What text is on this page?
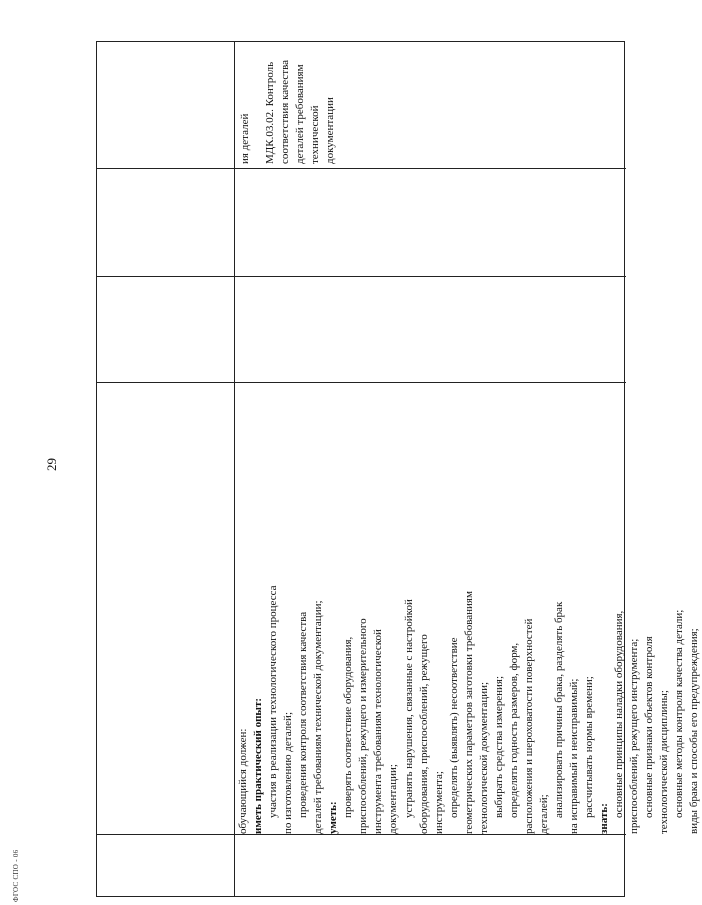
29
ФГОС СПО - 06
обучающийся должен: иметь практический опыт: участия в реализации технологического процесса по изготовлению деталей; проведения контроля соответствия качества деталей требованиям технической документации; уметь: проверять соответствие оборудования, приспособлений, режущего и измерительного инструмента требованиям технологической документации; устранять нарушения, связанные с настройкой оборудования, приспособлений, режущего инструмента; определять (выявлять) несоответствие геометрических параметров заготовки требованиям технологической документации; выбирать средства измерения; определять годность размеров, форм, расположения и шероховатости поверхностей деталей; анализировать причины брака, разделять брак на исправимый и неисправимый; рассчитывать нормы времени;
знать:
основные принципы наладки оборудования, приспособлений, режущего инструмента; основные признаки объектов контроля технологической дисциплины; основные методы контроля качества детали; виды брака и способы его предупреждения;
ия деталей МДК.03.02. Контроль соответствия качества деталей требованиям технической документации
